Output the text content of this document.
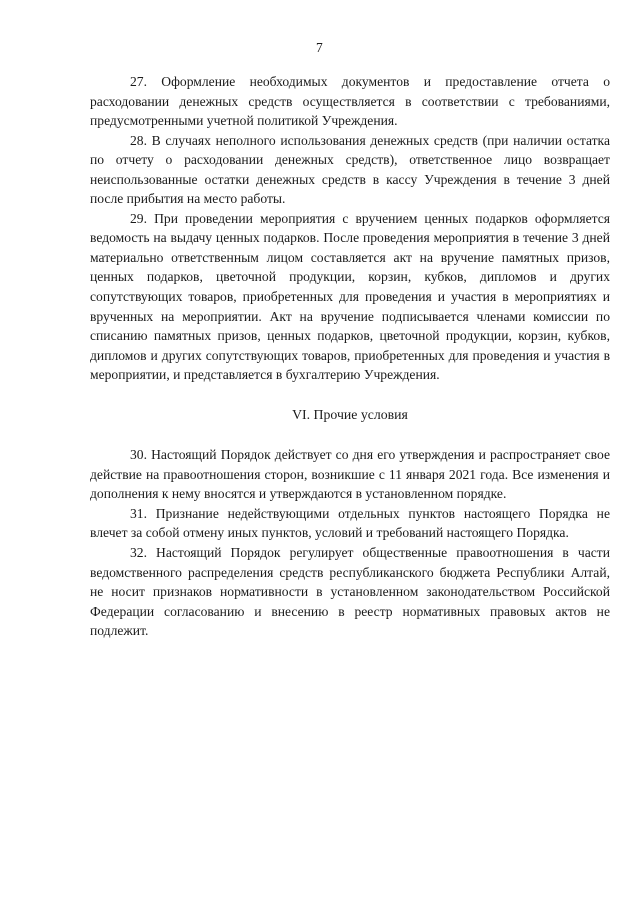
7

27. Оформление необходимых документов и предоставление отчета о расходовании денежных средств осуществляется в соответствии с требованиями, предусмотренными учетной политикой Учреждения.

28. В случаях неполного использования денежных средств (при наличии остатка по отчету о расходовании денежных средств), ответственное лицо возвращает неиспользованные остатки денежных средств в кассу Учреждения в течение 3 дней после прибытия на место работы.

29. При проведении мероприятия с вручением ценных подарков оформляется ведомость на выдачу ценных подарков. После проведения мероприятия в течение 3 дней материально ответственным лицом составляется акт на вручение памятных призов, ценных подарков, цветочной продукции, корзин, кубков, дипломов и других сопутствующих товаров, приобретенных для проведения и участия в мероприятиях и врученных на мероприятии. Акт на вручение подписывается членами комиссии по списанию памятных призов, ценных подарков, цветочной продукции, корзин, кубков, дипломов и других сопутствующих товаров, приобретенных для проведения и участия в мероприятии, и представляется в бухгалтерию Учреждения.

VI. Прочие условия

30. Настоящий Порядок действует со дня его утверждения и распространяет свое действие на правоотношения сторон, возникшие с 11 января 2021 года. Все изменения и дополнения к нему вносятся и утверждаются в установленном порядке.

31. Признание недействующими отдельных пунктов настоящего Порядка не влечет за собой отмену иных пунктов, условий и требований настоящего Порядка.

32. Настоящий Порядок регулирует общественные правоотношения в части ведомственного распределения средств республиканского бюджета Республики Алтай, не носит признаков нормативности в установленном законодательством Российской Федерации согласованию и внесению в реестр нормативных правовых актов не подлежит.
